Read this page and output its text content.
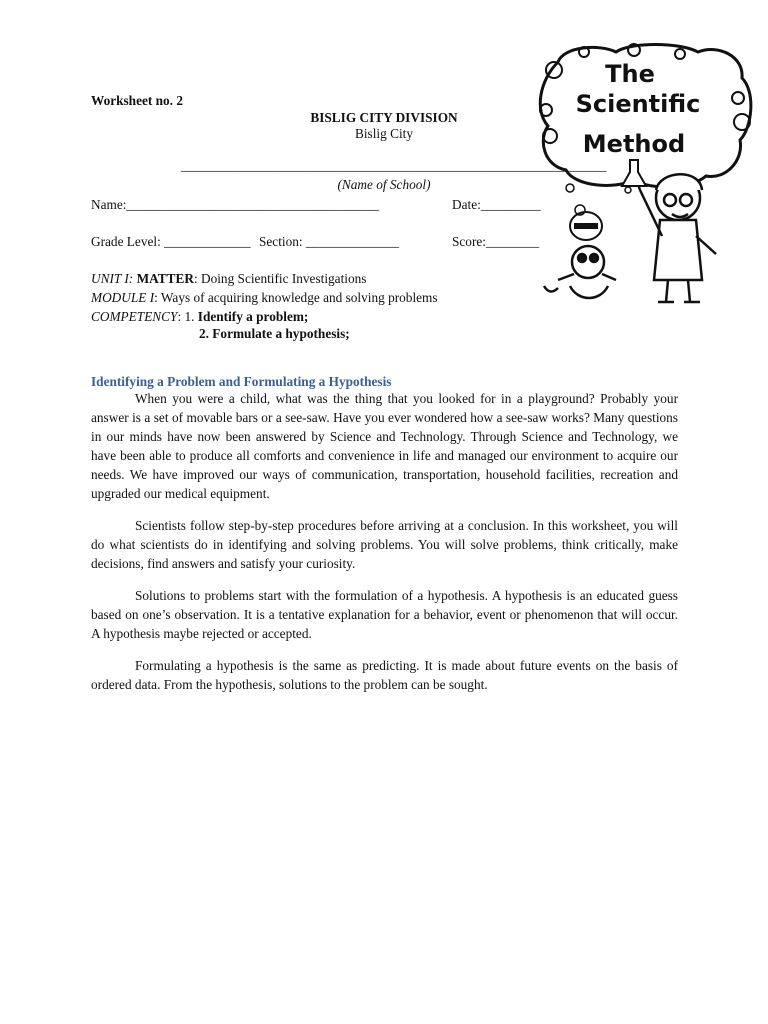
Worksheet no. 2
BISLIG CITY DIVISION
Bislig City
________________________________________________________________
(Name of School)
Name:______________________________________	Date:_________
Grade Level: _____________ Section: ______________	Score:________
UNIT I: MATTER: Doing Scientific Investigations
MODULE I: Ways of acquiring knowledge and solving problems
COMPETENCY: 1. Identify a problem;
2. Formulate a hypothesis;
The
Scientific
Method
Identifying a Problem and Formulating a Hypothesis

When you were a child, what was the thing that you looked for in a playground? Probably your answer is a set of movable bars or a see-saw. Have you ever wondered how a see-saw works? Many questions in our minds have now been answered by Science and Technology. Through Science and Technology, we have been able to produce all comforts and convenience in life and managed our environment to acquire our needs. We have improved our ways of communication, transportation, household facilities, recreation and upgraded our medical equipment.

Scientists follow step-by-step procedures before arriving at a conclusion. In this worksheet, you will do what scientists do in identifying and solving problems. You will solve problems, think critically, make decisions, find answers and satisfy your curiosity.

Solutions to problems start with the formulation of a hypothesis. A hypothesis is an educated guess based on one’s observation. It is a tentative explanation for a behavior, event or phenomenon that will occur. A hypothesis maybe rejected or accepted.

Formulating a hypothesis is the same as predicting. It is made about future events on the basis of ordered data. From the hypothesis, solutions to the problem can be sought.
